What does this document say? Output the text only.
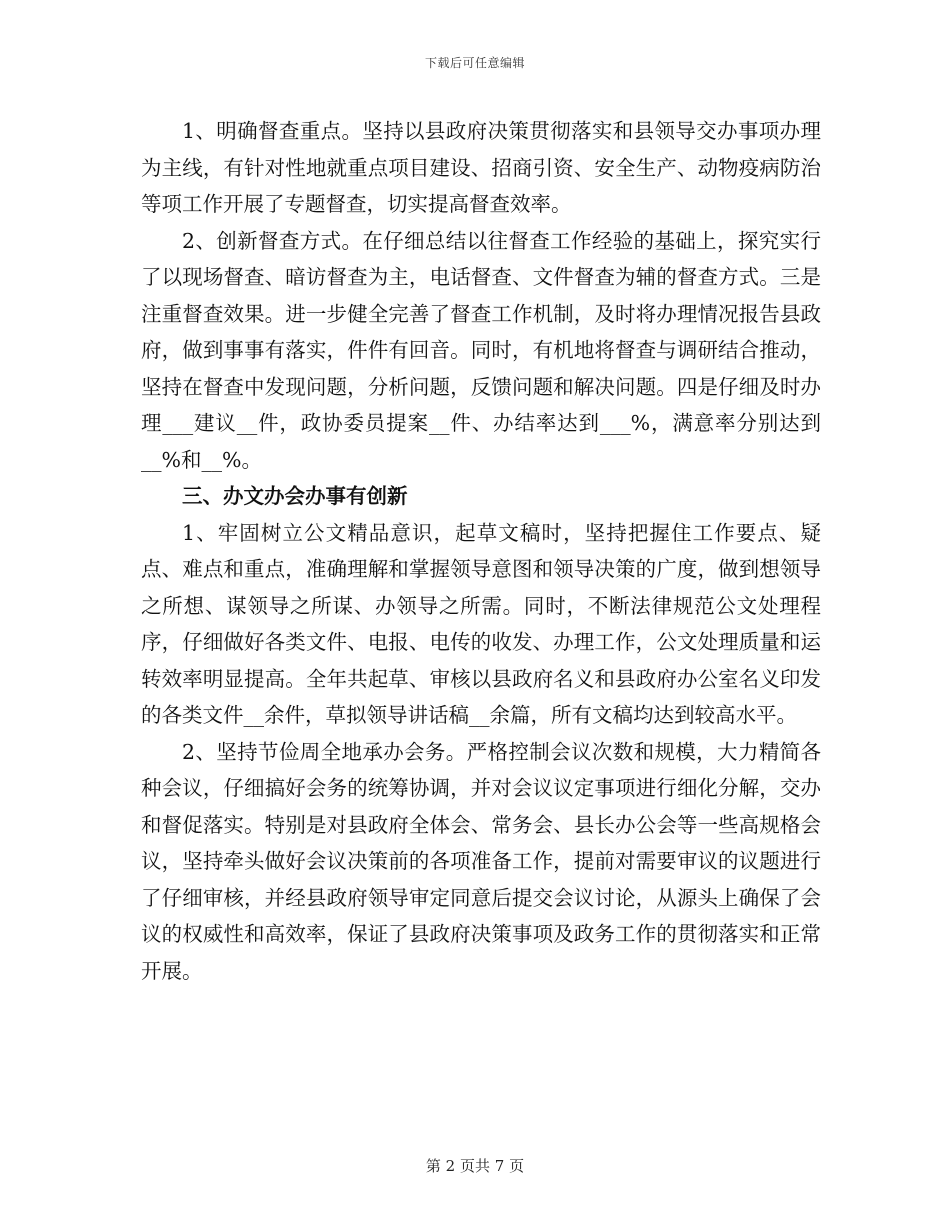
下载后可任意编辑

1、明确督查重点。坚持以县政府决策贯彻落实和县领导交办事项办理为主线，有针对性地就重点项目建设、招商引资、安全生产、动物疫病防治等项工作开展了专题督查，切实提高督查效率。

2、创新督查方式。在仔细总结以往督查工作经验的基础上，探究实行了以现场督查、暗访督查为主，电话督查、文件督查为辅的督查方式。三是注重督查效果。进一步健全完善了督查工作机制，及时将办理情况报告县政府，做到事事有落实，件件有回音。同时，有机地将督查与调研结合推动，坚持在督查中发现问题，分析问题，反馈问题和解决问题。四是仔细及时办理___建议__件，政协委员提案__件、办结率达到___%，满意率分别达到__%和__%。

三、办文办会办事有创新

1、牢固树立公文精品意识，起草文稿时，坚持把握住工作要点、疑点、难点和重点，准确理解和掌握领导意图和领导决策的广度，做到想领导之所想、谋领导之所谋、办领导之所需。同时，不断法律规范公文处理程序，仔细做好各类文件、电报、电传的收发、办理工作，公文处理质量和运转效率明显提高。全年共起草、审核以县政府名义和县政府办公室名义印发的各类文件__余件，草拟领导讲话稿__余篇，所有文稿均达到较高水平。

2、坚持节俭周全地承办会务。严格控制会议次数和规模，大力精简各种会议，仔细搞好会务的统筹协调，并对会议议定事项进行细化分解，交办和督促落实。特别是对县政府全体会、常务会、县长办公会等一些高规格会议，坚持牵头做好会议决策前的各项准备工作，提前对需要审议的议题进行了仔细审核，并经县政府领导审定同意后提交会议讨论，从源头上确保了会议的权威性和高效率，保证了县政府决策事项及政务工作的贯彻落实和正常开展。

第 2 页共 7 页
